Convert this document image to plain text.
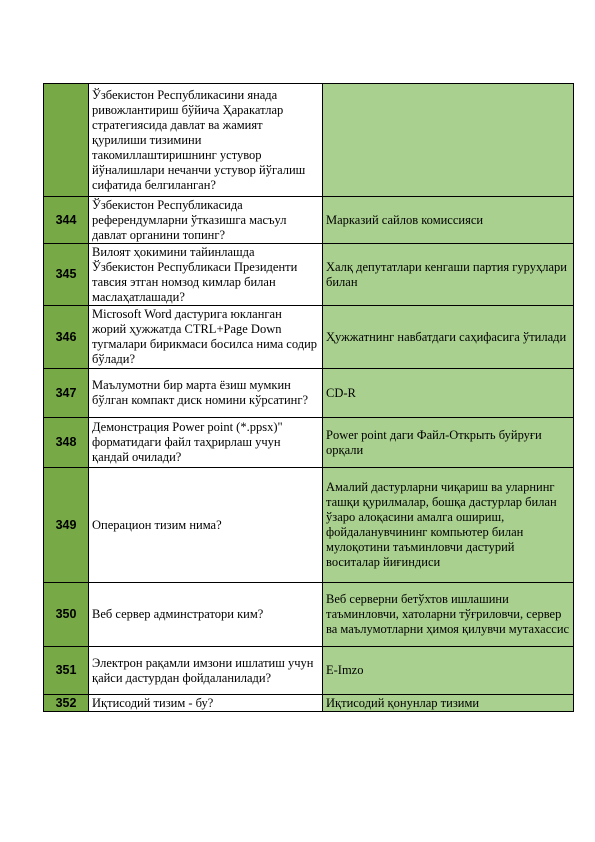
	Ўзбекистон Республикасини янада ривожлантириш бўйича Ҳаракатлар стратегиясида давлат ва жамият қурилиши тизимини такомиллаштиришнинг устувор йўналишлари нечанчи устувор йўгалиш сифатида белгиланган?	
344	Ўзбекистон Республикасида референдумларни ўтказишга масъул давлат органини топинг?	Марказий сайлов комиссияси
345	Вилоят ҳокимини тайинлашда Ўзбекистон Республикаси Президенти тавсия этган номзод кимлар билан маслаҳатлашади?	Халқ депутатлари кенгаши партия гуруҳлари билан
346	Microsoft Word дастурига юкланган жорий ҳужжатда CTRL+Page Down тугмалари бирикмаси босилса нима содир бўлади?	Ҳужжатнинг навбатдаги саҳифасига ўтилади
347	Маълумотни бир марта ёзиш мумкин бўлган компакт диск номини кўрсатинг?	CD-R
348	Демонстрация Power point (*.ppsx)" форматидаги файл таҳрирлаш учун қандай очилади?	Power point даги Файл-Открыть буйруғи орқали
349	Операцион тизим нима?	Амалий дастурларни чиқариш ва уларнинг ташқи қурилмалар, бошқа дастурлар билан ўзаро алоқасини амалга ошириш, фойдаланувчининг компьютер билан мулоқотини таъминловчи дастурий воситалар йиғиндиси
350	Веб сервер админстратори ким?	Веб серверни бетўхтов ишлашини таъминловчи, хатоларни тўғриловчи, сервер ва маълумотларни ҳимоя қилувчи мутахассис
351	Электрон рақамли имзони ишлатиш учун қайси дастурдан фойдаланилади?	E-Imzo
352	Иқтисодий тизим - бу?	Иқтисодий қонунлар тизими
